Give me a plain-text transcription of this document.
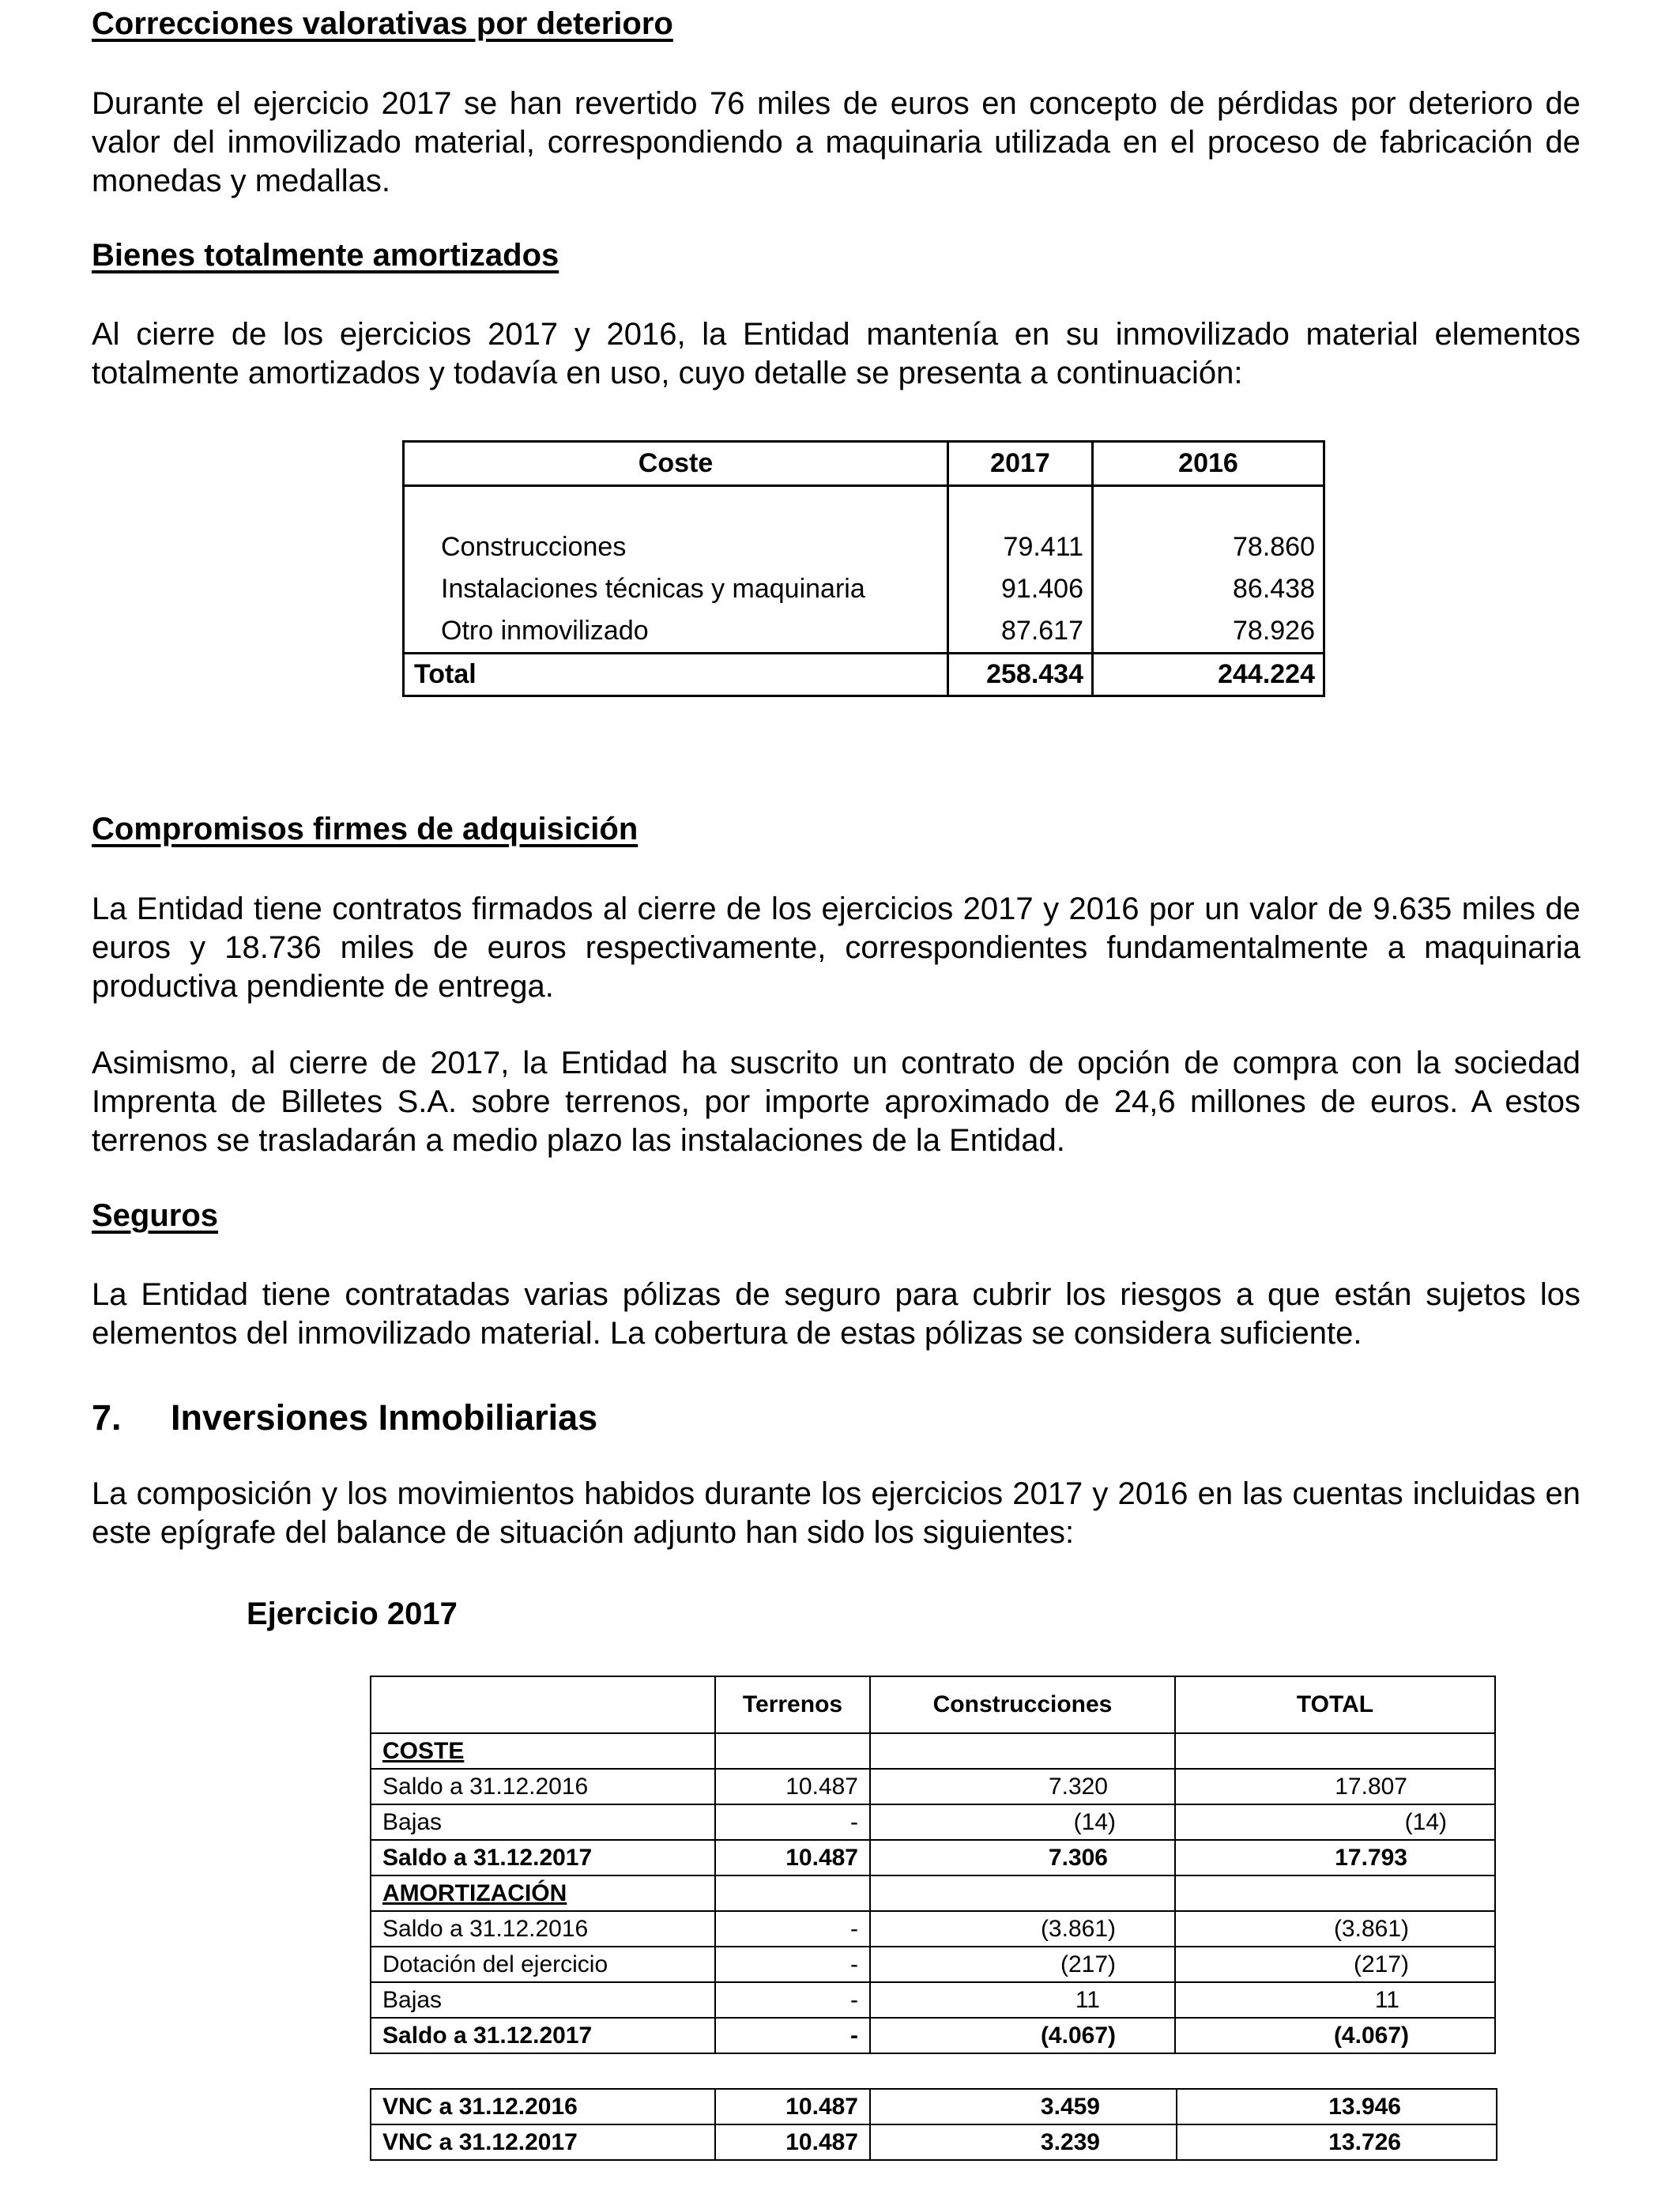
Correcciones valorativas por deterioro
Durante el ejercicio 2017 se han revertido 76 miles de euros en concepto de pérdidas por deterioro de valor del inmovilizado material, correspondiendo a maquinaria utilizada en el proceso de fabricación de monedas y medallas.
Bienes totalmente amortizados
Al cierre de los ejercicios 2017 y 2016, la Entidad mantenía en su inmovilizado material elementos totalmente amortizados y todavía en uso, cuyo detalle se presenta a continuación:
Coste	2017	2016

Construcciones	79.411	78.860
Instalaciones técnicas y maquinaria	91.406	86.438
Otro inmovilizado	87.617	78.926
Total	258.434	244.224
Compromisos firmes de adquisición
La Entidad tiene contratos firmados al cierre de los ejercicios 2017 y 2016 por un valor de 9.635 miles de euros y 18.736 miles de euros respectivamente, correspondientes fundamentalmente a maquinaria productiva pendiente de entrega.
Asimismo, al cierre de 2017, la Entidad ha suscrito un contrato de opción de compra con la sociedad Imprenta de Billetes S.A. sobre terrenos, por importe aproximado de 24,6 millones de euros. A estos terrenos se trasladarán a medio plazo las instalaciones de la Entidad.
Seguros
La Entidad tiene contratadas varias pólizas de seguro para cubrir los riesgos a que están sujetos los elementos del inmovilizado material. La cobertura de estas pólizas se considera suficiente.
7. Inversiones Inmobiliarias
La composición y los movimientos habidos durante los ejercicios 2017 y 2016 en las cuentas incluidas en este epígrafe del balance de situación adjunto han sido los siguientes:
Ejercicio 2017
	Terrenos	Construcciones	TOTAL
COSTE			
Saldo a 31.12.2016	10.487	7.320	17.807
Bajas	-	(14)	(14)
Saldo a 31.12.2017	10.487	7.306	17.793
AMORTIZACIÓN			
Saldo a 31.12.2016	-	(3.861)	(3.861)
Dotación del ejercicio	-	(217)	(217)
Bajas	-	11	11
Saldo a 31.12.2017	-	(4.067)	(4.067)
VNC a 31.12.2016	10.487	3.459	13.946
VNC a 31.12.2017	10.487	3.239	13.726
